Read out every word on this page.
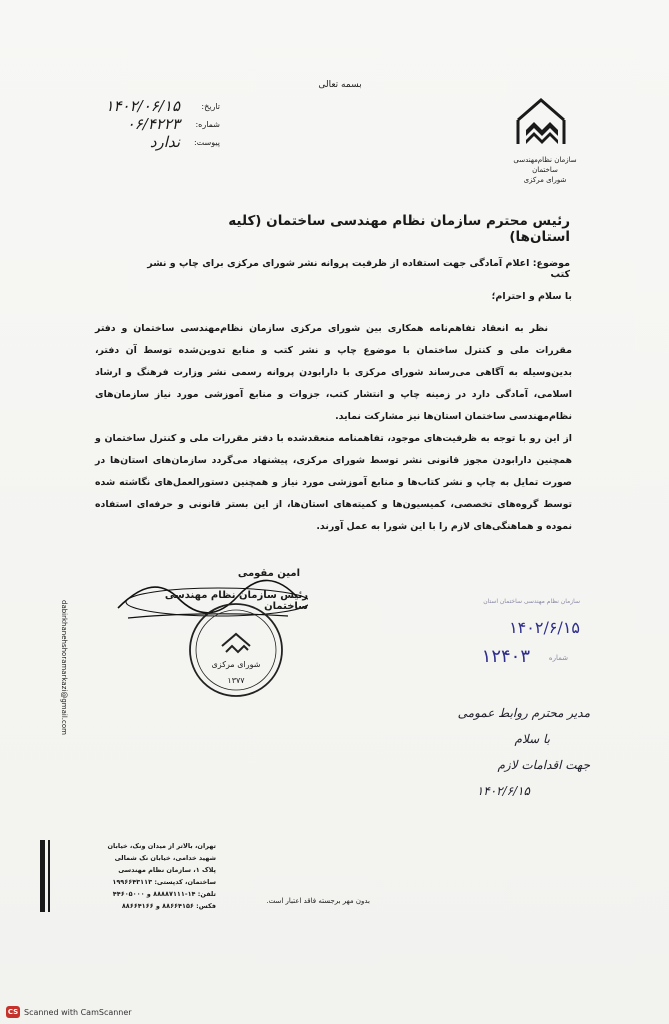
بسمه تعالی
سازمان نظام‌مهندسی ساختمان
شورای مرکزی
تاریخ:
۱۴۰۲/۰۶/۱۵
شماره:
۰۶/۴۲۲۳
پیوست:
ندارد
رئیس محترم سازمان نظام مهندسی ساختمان (کلیه استان‌ها)
موضوع: اعلام آمادگی جهت استفاده از ظرفیت پروانه نشر شورای مرکزی برای چاپ و نشر کتب
با سلام و احترام؛

نظر به انعقاد تفاهم‌نامه همکاری بین شورای مرکزی سازمان نظام‌مهندسی ساختمان و دفتر مقررات ملی و کنترل ساختمان با موضوع چاپ و نشر کتب و منابع تدوین‌شده توسط آن دفتر، بدین‌وسیله به آگاهی می‌رساند شورای مرکزی با دارابودن پروانه رسمی نشر وزارت فرهنگ و ارشاد اسلامی، آمادگی دارد در زمینه چاپ و انتشار کتب، جزوات و منابع آموزشی مورد نیاز سازمان‌های نظام‌مهندسی ساختمان استان‌ها نیز مشارکت نماید.

از این رو با توجه به ظرفیت‌های موجود، تفاهمنامه منعقدشده با دفتر مقررات ملی و کنترل ساختمان و همچنین دارابودن مجوز قانونی نشر توسط شورای مرکزی، پیشنهاد می‌گردد سازمان‌های استان‌ها در صورت تمایل به چاپ و نشر کتاب‌ها و منابع آموزشی مورد نیاز و همچنین دستورالعمل‌های نگاشته شده توسط گروه‌های تخصصی، کمیسیون‌ها و کمیته‌های استان‌ها، از این بستر قانونی و حرفه‌ای استفاده نموده و هماهنگی‌های لازم را با این شورا به عمل آورند.

امین مقومی
رئیس سازمان نظام مهندسی ساختمان
شورای مرکزی
۱۳۷۷
سازمان نظام مهندسی ساختمان استان
۱۴۰۲/۶/۱۵
۱۲۴۰۳	شماره
مدیر محترم روابط عمومی
با سلام
جهت اقدامات لازم
۱۴۰۲/۶/۱۵
dabirkhanehshoramarkazi@gmail.com
تهران، بالاتر از میدان ونک، خیابان
شهید خدامی، خیابان نک شمالی
پلاک ۱، سازمان نظام مهندسی
ساختمان، کدپستی: ۱۹۹۶۶۴۳۱۱۳
تلفن: ۱۴-۸۸۸۸۷۱۱۱ و ۴۴۶۰۵۰۰۰
فکس: ۸۸۶۶۴۱۵۶ و ۸۸۶۶۴۱۶۶
بدون مهر برجسته فاقد اعتبار است.
CS Scanned with CamScanner
